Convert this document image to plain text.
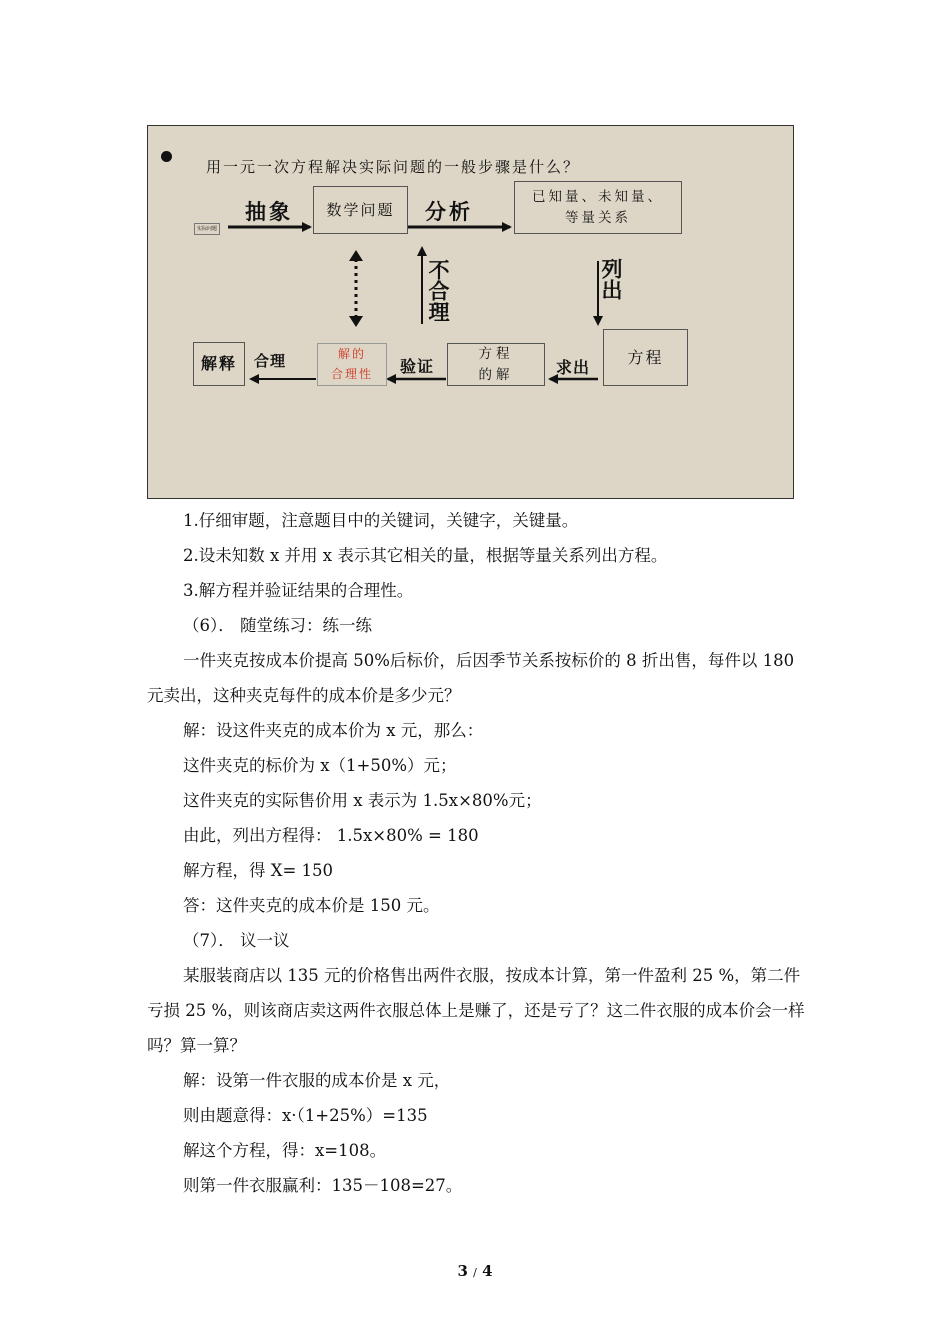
用一元一次方程解决实际问题的一般步骤是什么？
实际问题
抽象	数学问题	分析
已知量、未知量、等量关系
列出
方程
求出
方程
的解
验证
解的
合理性
合理
解释
不合理

1.仔细审题，注意题目中的关键词，关键字，关键量。

2.设未知数 x 并用 x 表示其它相关的量，根据等量关系列出方程。

3.解方程并验证结果的合理性。

（6）． 随堂练习：练一练

一件夹克按成本价提高 50%后标价，后因季节关系按标价的 8 折出售，每件以 180 元卖出，这种夹克每件的成本价是多少元？

解：设这件夹克的成本价为 x 元，那么：

这件夹克的标价为 x（1+50%）元；

这件夹克的实际售价用 x 表示为 1.5x×80%元；

由此，列出方程得： 1.5x×80% = 180

解方程，得 X= 150

答：这件夹克的成本价是 150 元。

（7）． 议一议

某服装商店以 135 元的价格售出两件衣服，按成本计算，第一件盈利 25 %，第二件亏损 25 %，则该商店卖这两件衣服总体上是赚了，还是亏了？这二件衣服的成本价会一样吗？算一算？

解：设第一件衣服的成本价是 x 元，

则由题意得：x·（1+25%）=135

解这个方程，得：x=108。

则第一件衣服赢利：135－108=27。

3 / 4
